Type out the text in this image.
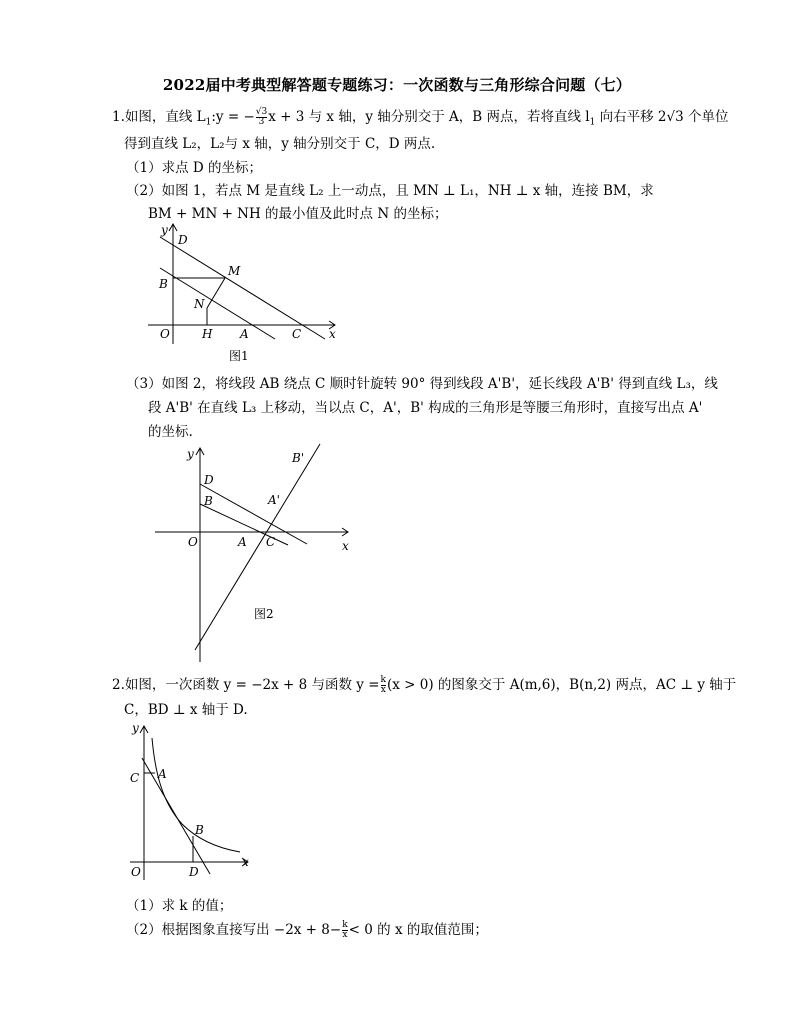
2022届中考典型解答题专题练习：一次函数与三角形综合问题（七）
1.如图，直线 $L_1:y$ = − $\frac{√3}{3}$ x + 3 与 x 轴，y 轴分别交于 A，B 两点，若将直线 $l_1$ 向右平移 2√3 个单位
得到直线 L₂，L₂与 x 轴，y 轴分别交于 C，D 两点.
（1）求点 D 的坐标；
（2）如图 1，若点 M 是直线 L₂ 上一动点，且 MN ⊥ L₁，NH ⊥ x 轴，连接 BM，求
BM + MN + NH 的最小值及此时点 N 的坐标；
y
D
M
B
N
O	H A	C x
图1
（3）如图 2，将线段 AB 绕点 C 顺时针旋转 90° 得到线段 A'B'，延长线段 A'B' 得到直线 L₃，线
段 A'B' 在直线 L₃ 上移动，当以点 C，A'，B' 构成的三角形是等腰三角形时，直接写出点 A'
的坐标.
y	B'
D
B	A'
O	A C	x
图2
2.如图，一次函数 y = −2x + 8 与函数 $y = \frac{k}{x} (x > 0)$ 的图象交于 A(m,6)，B(n,2) 两点，AC ⊥ y 轴于
C，BD ⊥ x 轴于 D.
y
C A
B
O	D
x
（1）求 k 的值；
（2）根据图象直接写出 $-2x + 8- \frac{k}{x} < 0$ 的 x 的取值范围；
